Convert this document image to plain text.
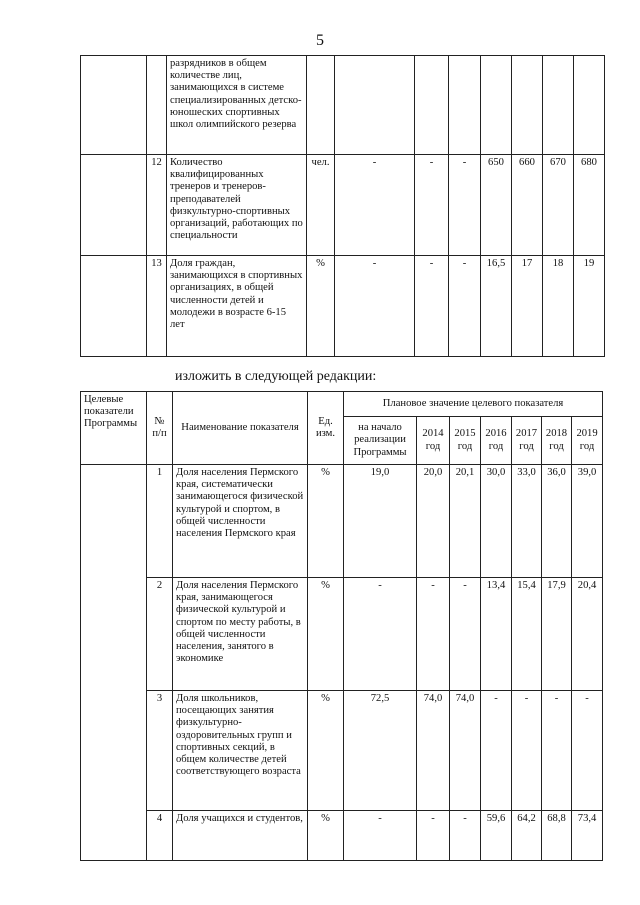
5
		разрядников в общем количестве лиц, занимающихся в системе специализированных детско-юношеских спортивных школ олимпийского резерва								
	12	Количество квалифицированных тренеров и тренеров-преподавателей физкультурно-спортивных организаций, работающих по специальности	чел.	-	-	-	650	660	670	680
	13	Доля граждан, занимающихся в спортивных организациях, в общей численности детей и молодежи в возрасте 6-15 лет	%	-	-	-	16,5	17	18	19
изложить в следующей редакции:
Целевые показатели Программы	№ п/п	Наименование показателя	Ед. изм.	Плановое значение целевого показателя						
				на начало реализации Программы	2014 год	2015 год	2016 год	2017 год	2018 год	2019 год
	1	Доля населения Пермского края, систематически занимающегося физической культурой и спортом, в общей численности населения Пермского края	%	19,0	20,0	20,1	30,0	33,0	36,0	39,0
	2	Доля населения Пермского края, занимающегося физической культурой и спортом по месту работы, в общей численности населения, занятого в экономике	%	-	-	-	13,4	15,4	17,9	20,4
	3	Доля школьников, посещающих занятия физкультурно-оздоровительных групп и спортивных секций, в общем количестве детей соответствующего возраста	%	72,5	74,0	74,0	-	-	-	-
	4	Доля учащихся и студентов,	%	-	-	-	59,6	64,2	68,8	73,4
